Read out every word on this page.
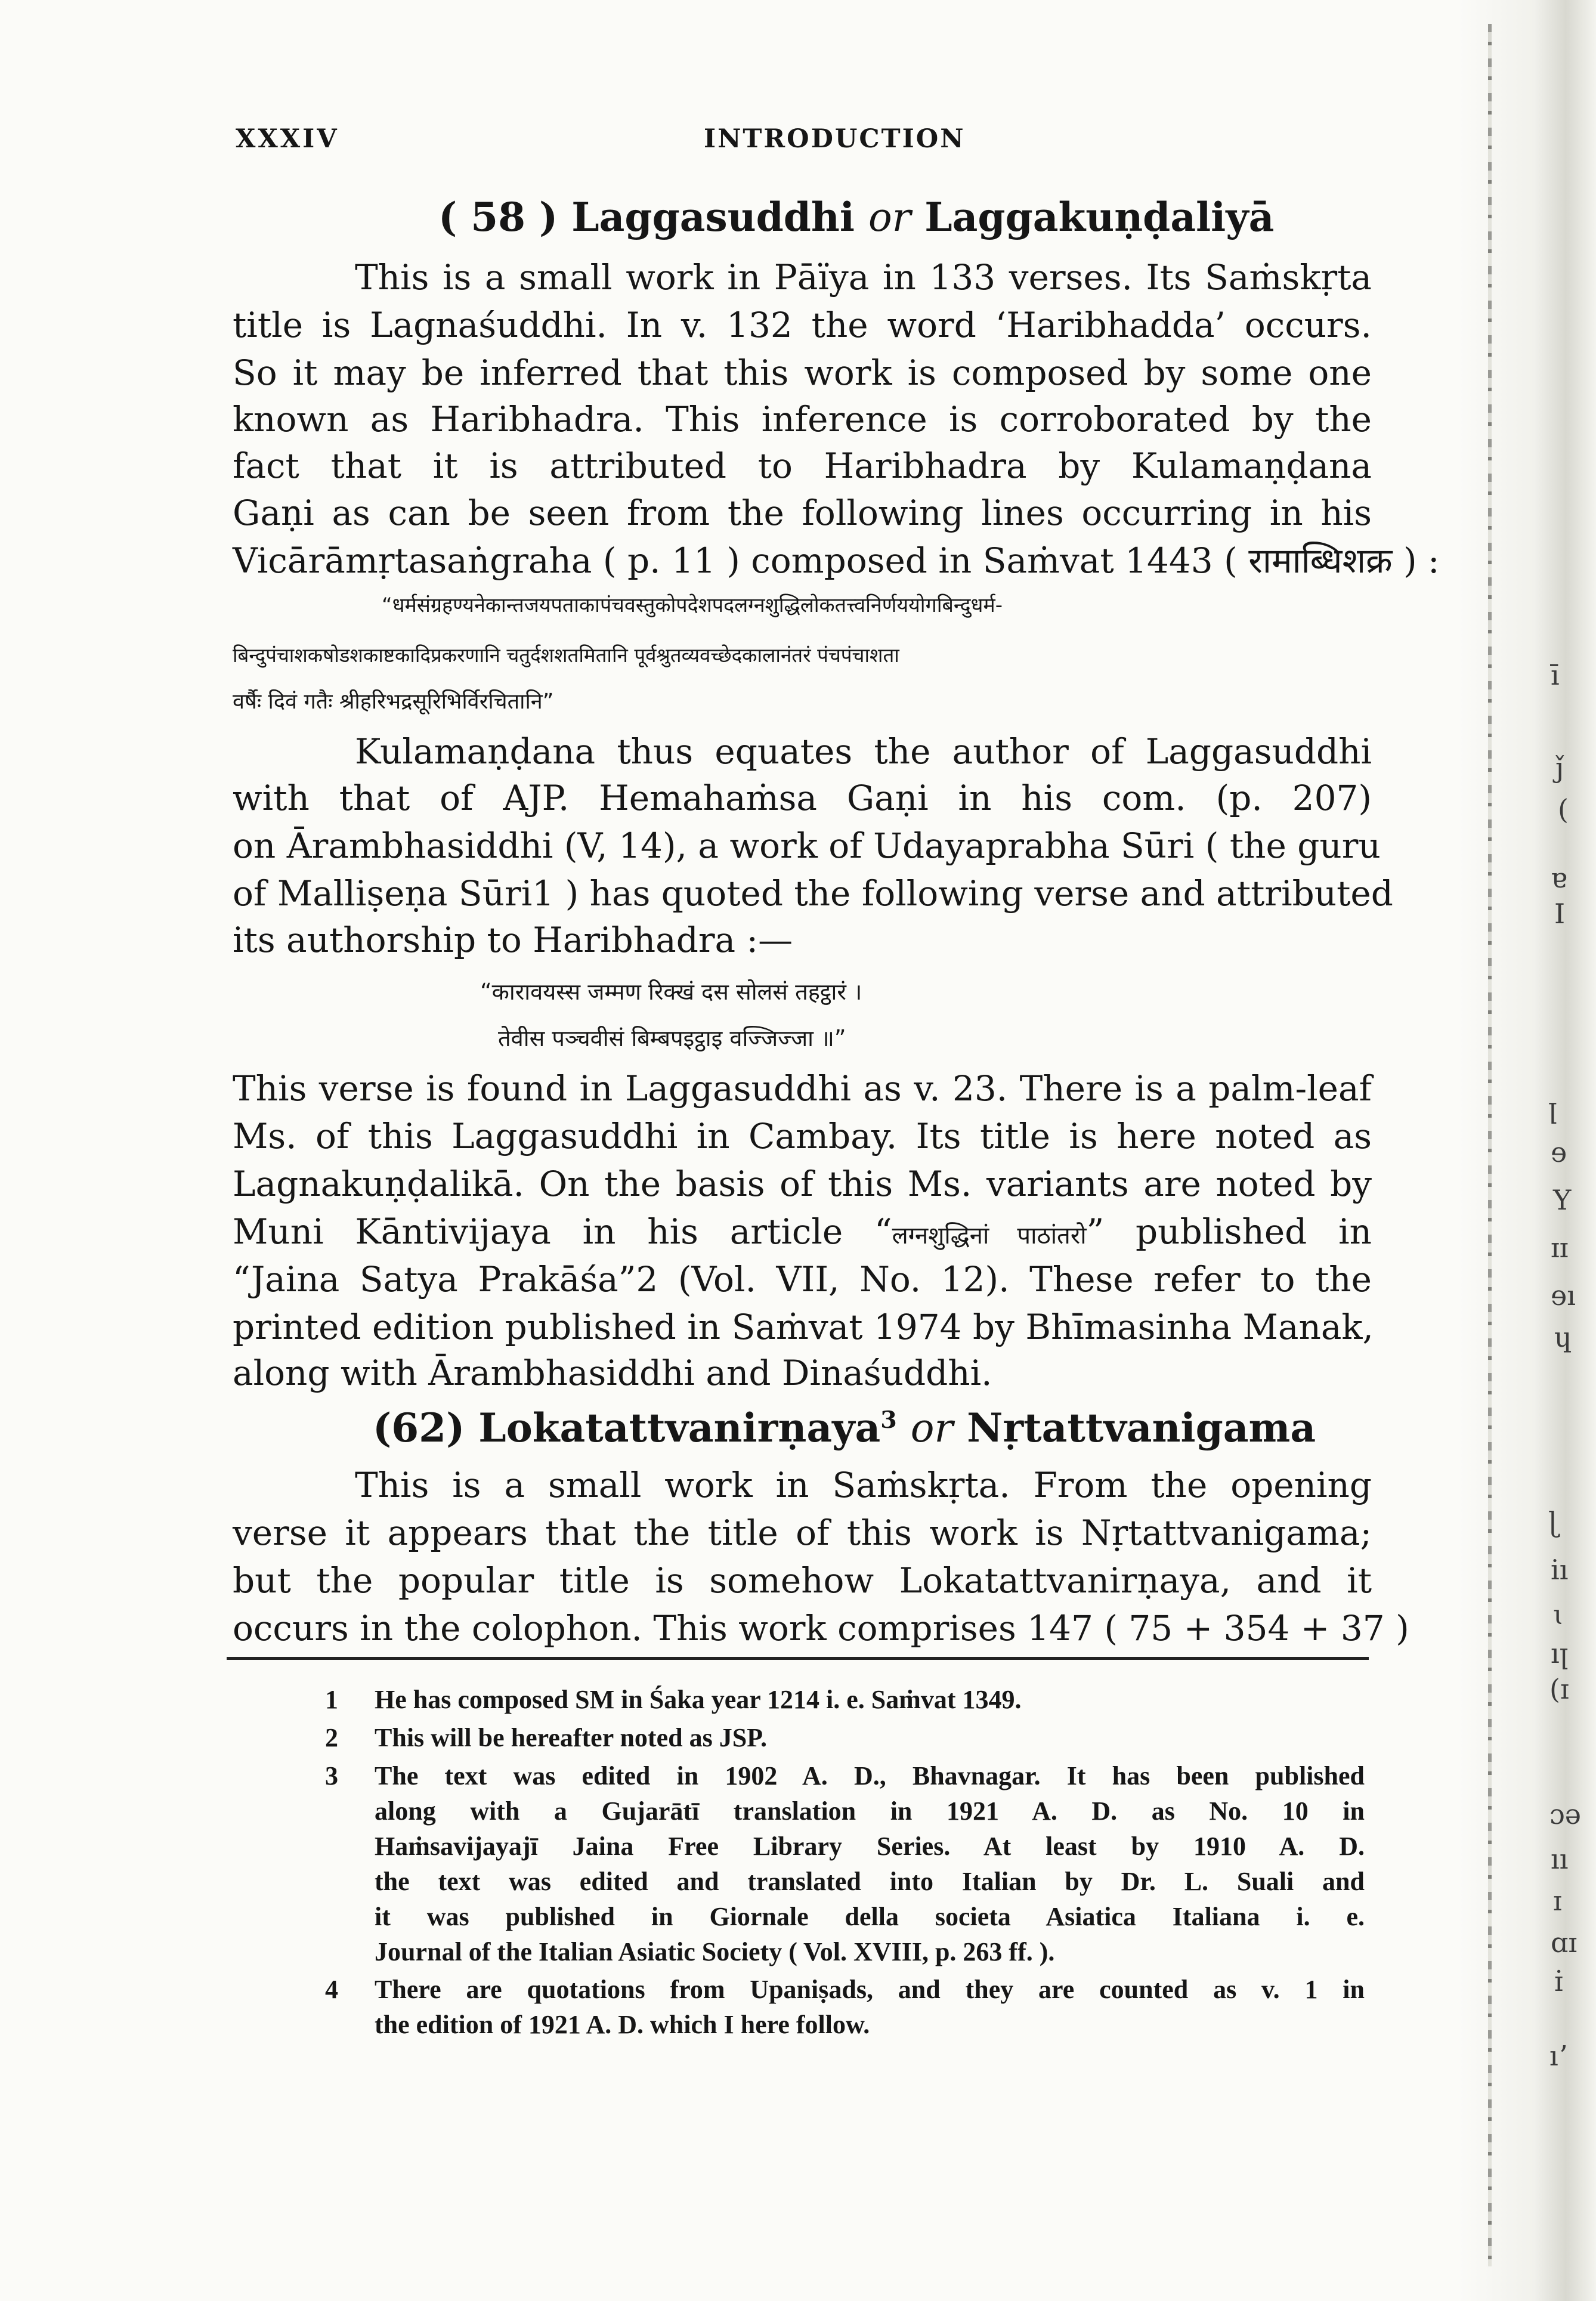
ī
ǰ
(
ɐ
I
ꞁ
ɘ
Y
ɪɪ
ɘı
ɥ
ɭ
iı
ɩ
ıꞁ
(ɪ
ɔə
ıı
ɪ
ɑɪ
ɪ̇
ıʼ
XXXIV	INTRODUCTION
( 58 ) Laggasuddhi or Laggakuṇḍaliyā
This is a small work in Pāïya in 133 verses. Its Saṁskṛta
title is Lagnaśuddhi. In v. 132 the word ‘Haribhadda’ occurs.
So it may be inferred that this work is composed by some one
known as Haribhadra. This inference is corroborated by the
fact that it is attributed to Haribhadra by Kulamaṇḍana
Gaṇi as can be seen from the following lines occurring in his
Vicārāmṛtasaṅgraha ( p. 11 ) composed in Saṁvat 1443 ( रामाब्धिशक्र ) :
“धर्मसंग्रहण्यनेकान्तजयपताकापंचवस्तुकोपदेशपदलग्नशुद्धिलोकतत्त्वनिर्णययोगबिन्दुधर्म-
बिन्दुपंचाशकषोडशकाष्टकादिप्रकरणानि चतुर्दशशतमितानि पूर्वश्रुतव्यवच्छेदकालानंतरं पंचपंचाशता
वर्षैः दिवं गतैः श्रीहरिभद्रसूरिभिर्विरचितानि”
Kulamaṇḍana thus equates the author of Laggasuddhi
with that of AJP. Hemahaṁsa Gaṇi in his com. (p. 207)
on Ārambhasiddhi (V, 14), a work of Udayaprabha Sūri ( the guru
of Malliṣeṇa Sūri1 ) has quoted the following verse and attributed
its authorship to Haribhadra :—
“कारावयस्स जम्मण रिक्खं दस सोलसं तहट्ठारं ।
तेवीस पञ्चवीसं बिम्बपइट्ठाइ वज्जिज्जा ॥”
This verse is found in Laggasuddhi as v. 23. There is a palm-leaf
Ms. of this Laggasuddhi in Cambay. Its title is here noted as
Lagnakuṇḍalikā. On the basis of this Ms. variants are noted by
Muni Kāntivijaya in his article “लग्नशुद्धिनां पाठांतरो” published in
“Jaina Satya Prakāśa”2 (Vol. VII, No. 12). These refer to the
printed edition published in Saṁvat 1974 by Bhīmasinha Manak,
along with Ārambhasiddhi and Dinaśuddhi.
(62) Lokatattvanirṇaya$^3$ or Nṛtattvanigama
This is a small work in Saṁskṛta. From the opening
verse it appears that the title of this work is Nṛtattvanigama;
but the popular title is somehow Lokatattvanirṇaya, and it
occurs in the colophon. This work comprises 147 ( 75 + 354 + 37 )
1 He has composed SM in Śaka year 1214 i. e. Saṁvat 1349.
2 This will be hereafter noted as JSP.
3 The text was edited in 1902 A. D., Bhavnagar. It has been published
along with a Gujarātī translation in 1921 A. D. as No. 10 in
Haṁsavijayajī Jaina Free Library Series. At least by 1910 A. D.
the text was edited and translated into Italian by Dr. L. Suali and
it was published in Giornale della societa Asiatica Italiana i. e.
Journal of the Italian Asiatic Society ( Vol. XVIII, p. 263 ff. ).
4 There are quotations from Upaniṣads, and they are counted as v. 1 in
the edition of 1921 A. D. which I here follow.
